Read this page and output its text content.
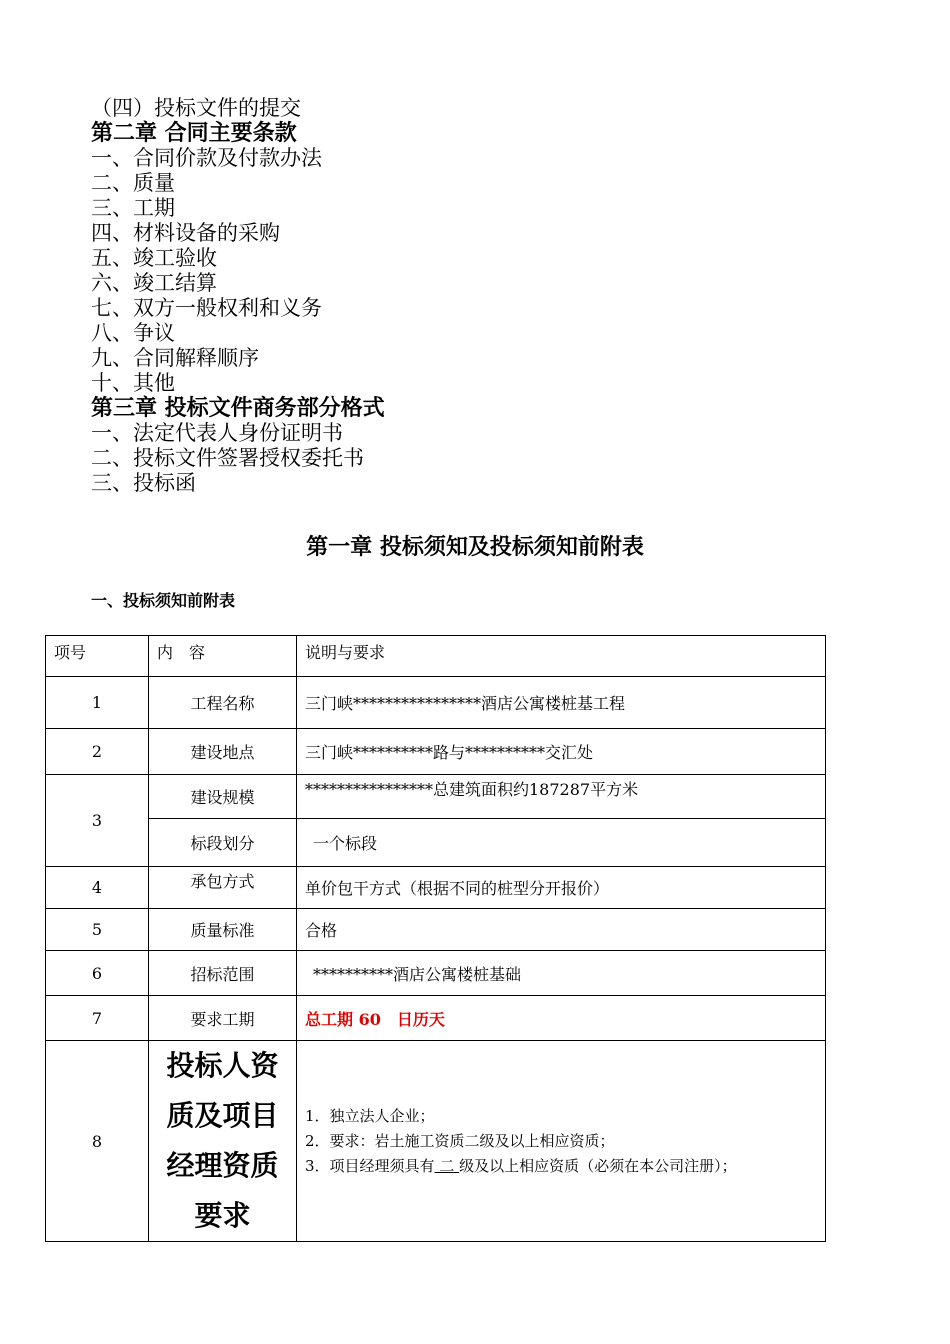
（四）投标文件的提交
第二章 合同主要条款
一、合同价款及付款办法
二、质量
三、工期
四、材料设备的采购
五、竣工验收
六、竣工结算
七、双方一般权利和义务
八、争议
九、合同解释顺序
十、其他
第三章 投标文件商务部分格式
一、法定代表人身份证明书
二、投标文件签署授权委托书
三、投标函
第一章 投标须知及投标须知前附表
一、投标须知前附表
项号	内　容	说明与要求
1	工程名称	三门峡****************酒店公寓楼桩基工程
2	建设地点	三门峡**********路与**********交汇处
3	建设规模	****************总建筑面积约187287平方米
	标段划分	一个标段
4	承包方式	单价包干方式（根据不同的桩型分开报价）
5	质量标准	合格
6	招标范围	**********酒店公寓楼桩基础
7	要求工期	总工期 60　日历天
8	投标人资质及项目经理资质要求	1．独立法人企业；
2．要求：岩土施工资质二级及以上相应资质；
3．项目经理须具有 二 级及以上相应资质（必须在本公司注册）；
